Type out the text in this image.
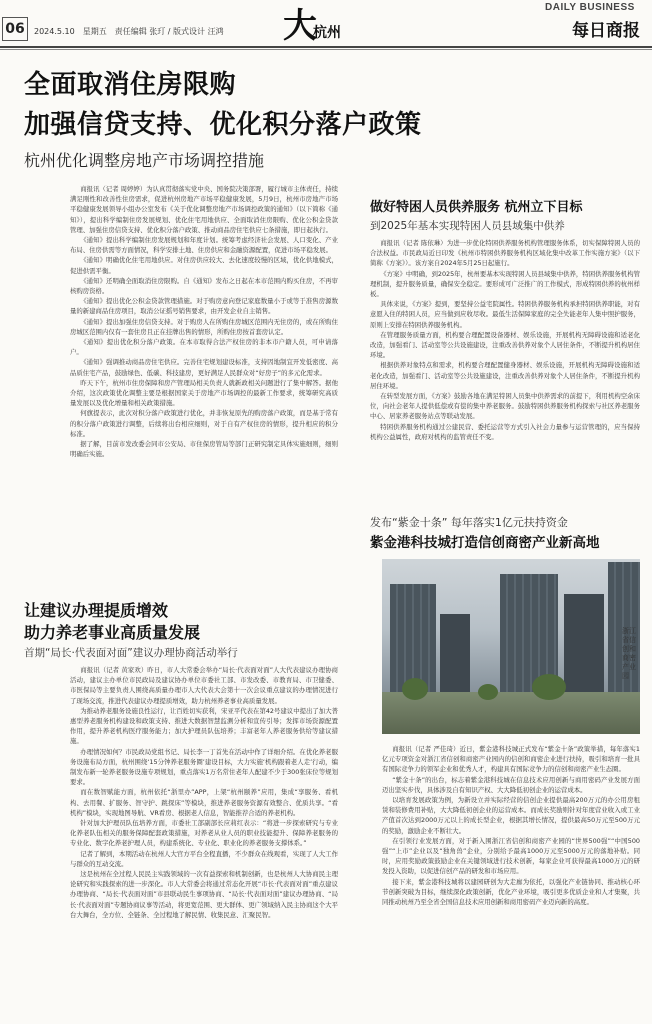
06	2024.5.10　星期五　责任编辑 张玎 / 版式设计 汪鸿 大
杭州
DAILY BUSINESS
每日商报
全面取消住房限购
加强信贷支持、优化积分落户政策
杭州优化调整房地产市场调控措施

商报讯（记者 周婷婷）为认真贯彻落实党中央、国务院决策部署，履行城市主体责任，持续满足刚性和改善性住房需求，促进杭州房地产市场平稳健康发展，5月9日，杭州市房地产市场平稳健康发展领导小组办公室发布《关于优化调整房地产市场调控政策的通知》（以下简称《通知》），提出科学编制住房发展规划、优化住宅用地供应、全面取消住房限购、优化公积金贷款管理、加强住房信贷支持、优化积分落户政策、推动商品房住宅供应七条措施，即日起执行。

《通知》提出科学编制住房发展规划和年度计划。统筹考虑经济社会发展、人口变化、产业布局、住房供需等方面情况，科学安排土地、住房供应和金融资源配置，促进市场平稳发展。

《通知》明确优化住宅用地供应。对住房供应较大、去化速度较慢的区域，优化供地模式，促进供需平衡。

《通知》还明确全面取消住房限购。自《通知》发布之日起在本市范围内购买住房，不再审核购房资格。

《通知》提出优化公积金贷款管理措施。对于购房意向登记家庭数量小于或等于准售房源数量的新建商品住房项目，取消公证摇号销售要求，由开发企业自主销售。

《通知》提出加强住房信贷支持。对于购房人在所购住房城区范围内无住房的，或在所购住房城区范围内仅有一套住房且正在挂牌出售的情形，所购住房按首套房认定。

《通知》提出优化积分落户政策。在本市取得合法产权住房的非本市户籍人员，可申请落户。

《通知》强调推动商品房住宅供应。完善住宅规划建设标准，支持因地制宜开发低密度、高品质住宅产品，鼓励绿色、低碳、科技建房，更好满足人民群众对“好房子”的多元化需求。

昨天下午，杭州市住房保障和房产管理局相关负责人就新政相关问题进行了集中解答。据他介绍，这次政策优化调整主要是根据国家关于房地产市场调控的最新工作要求，统筹研究高质量发展以及优化增量和相关政策措施。

何旗提表示，此次对积分落户政策进行优化，并非恢复原先的购房落户政策，而是基于常有的积分落户政策进行调整，后续将出台相应细则，对于自有产权住房的情形，提升相应的积分标准。

据了解，目前市发改委会同市公安局、市住保房管局等部门正研究制定具体实施细则，细则明确后实施。

让建议办理提质增效
助力养老事业高质量发展
首期“局长·代表面对面”建议办理协商活动举行

商报讯（记者 黄家欢）昨日，市人大常委会举办“局长·代表面对面”人大代表建议办理协商活动，建议主办单位市民政局及建议协办单位市委社工部、市发改委、市教育局、市卫健委、市医保局等主要负责人围绕高质量办理市人大代表大会第十一次会议重点建议的办理情况进行了现场交流，推进代表建议办理提质增效，助力杭州养老事业高质量发展。

为推动养老服务设施良性运行，让百姓切实获利，宋亚平代表在第42号建议中提出了加大普惠型养老服务机构建设和政策支持、推进大数据智慧监测分析和宣传引导；发挥市场资源配置作用，提升养老机构医疗服务能力；加大护理员队伍培养；丰富老年人养老服务供给等建议措施。

办理情况如何？市民政局党组书记、局长李一丁首先在活动中作了详细介绍。在优化养老服务设施布局方面，杭州围绕‘15分钟养老服务圈’建设目标，大力实施‘机构跟着老人走’行动，编制发布新一轮养老服务设施专项规划，重点落实1万名常住老年人配建不少于300张床位等规划要求。

而在数智赋能方面，杭州依托“浙里办”APP，上架“杭州颐养”应用，集成“享服务、看机构、去用餐、扩服务、智守护、跳探床”等模块，推进养老服务资源有效整合、优质共享。“看机构”模块，实现地图导航、VR看房、根据老人信息，智能推荐合适的养老机构。

针对加大护理员队伍培养方面，市委社工部副部长应莉红表示：“将进一步探索研究与专业化养老队伍相关的服务保障配套政策措施，对养老从业人员的职业技能提升、保障养老服务的专业化、数字化养老护理人员，构建系统化、专业化、职业化的养老服务支撑体系。”

记者了解到，本期活动在杭州人大官方平台全程直播，不少群众在线观看，实现了人大工作与群众的互动交流。

这是杭州在全过程人民民主实践领域的一次有益探索和机制创新，也是杭州人大协商民主理论研究和实践探索的进一步深化。市人大常委会将通过常态化开展“市长·代表面对面”重点建议办理协商、“局长·代表面对面”市县联动民生事项协商、“局长·代表面对面”建议办理协商、“局长·代表面对面”专题协商议事等活动，将更宽范围、更大群体、更广领域纳入民主协商这个大平台大舞台，全方位、全链条、全过程地了解民情、收集民意、汇聚民智。

做好特困人员供养服务 杭州立下目标
到2025年基本实现特困人员县域集中供养

商报讯（记者 陈依琳）为进一步优化特困供养服务机构管理服务体系，切实保障特困人员的合法权益。市民政局近日印发《杭州市特困供养服务机构区域化集中改革工作实施方案》（以下简称《方案》）。该方案自2024年5月25日起施行。

《方案》中明确，到2025年，杭州要基本实现特困人员县域集中供养，特困供养服务机构管理机制，提升服务质量，确保安全稳定。要形成可广泛推广的工作模式，形成特困供养的杭州样板。

具体来说，《方案》提到，要坚持公益宅院属性。特困供养服务机构承担特困供养职能，对有意愿入住的特困人员，应当做到应收尽收。最低生活保障家庭的完全失能老年人集中照护服务，原则上安排在特困供养服务机构。

在管理服务质量方面，机构要合理配置设备器材、娱乐设施，开展机构无障碍设施和适老化改造，加强看门、活动室等公共设施建设，注重改善供养对象个人居住条件，不断提升机构居住环境。

根据供养对象特点和需求，机构要合理配置健身器材、娱乐设施，开展机构无障碍设施和适老化改造，加强看门、活动室等公共设施建设，注重改善供养对象个人居住条件，不断提升机构居住环境。

在转型发展方面，《方案》鼓励各地在满足特困人员集中供养需求的前提下，利用机构空余床位，向社会老年人提供低偿或有偿的集中养老服务。鼓励特困供养服务机构探索与社区养老服务中心、居家养老服务站点等联动发展。

特困供养服务机构通过公建民营、委托运营等方式引入社会力量参与运营管理的，应当保持机构公益属性，政府对机构的监管责任不变。

发布“紫金十条” 每年落实1亿元扶持资金
紫金港科技城打造信创商密产业新高地
浙江省信创和商密产业园

商报讯（记者 严佳琦）近日，紫金港科技城正式发布“紫金十条”政策举措，每年落实1亿元专项资金对浙江省信创和商密产业园内的信创和商密企业进行扶持，吸引和培育一批具有国际竞争力的领军企业和优秀人才，构建具有国际竞争力的信创和商密产业生态圈。

“紫金十条”的出台，标志着紫金港科技城在信息技术应用创新与商用密码产业发展方面迈出坚实步伐，具体涉及自有知识产权、大大降低初创企业的运营成本。

以培育发展政策为例，为新设立并实际经营的信创企业提供最高200万元的办公用房租赁和装修费用补贴，大大降低初创企业的运营成本。而成长奖励则针对年度营业收入或工业产值首次达到2000万元以上的成长型企业，根据其增长情况，提供最高50万元至500万元的奖励，激励企业不断壮大。

在引领行业发展方面，对于新入围浙江省信创和商密产业园的“世界500强”“中国500强”“上市”企业以及“独角兽”企业，分别给予最高1000万元至5000万元的落地补贴。同时，应用奖励政策鼓励企业在关键领域进行技术创新，每家企业可获得最高1000万元的研发投入资助，以促进信创产品的研发和市场应用。

接下来，紫金港科技城将以建园研创为大走廊为依托，以强化产业链协同、推动核心环节创新突破为目标，继续深化政策创新，优化产业环境，吸引更多优质企业和人才集聚，共同推动杭州乃至全省全国信息技术应用创新和商用密码产业迈向新的高度。
